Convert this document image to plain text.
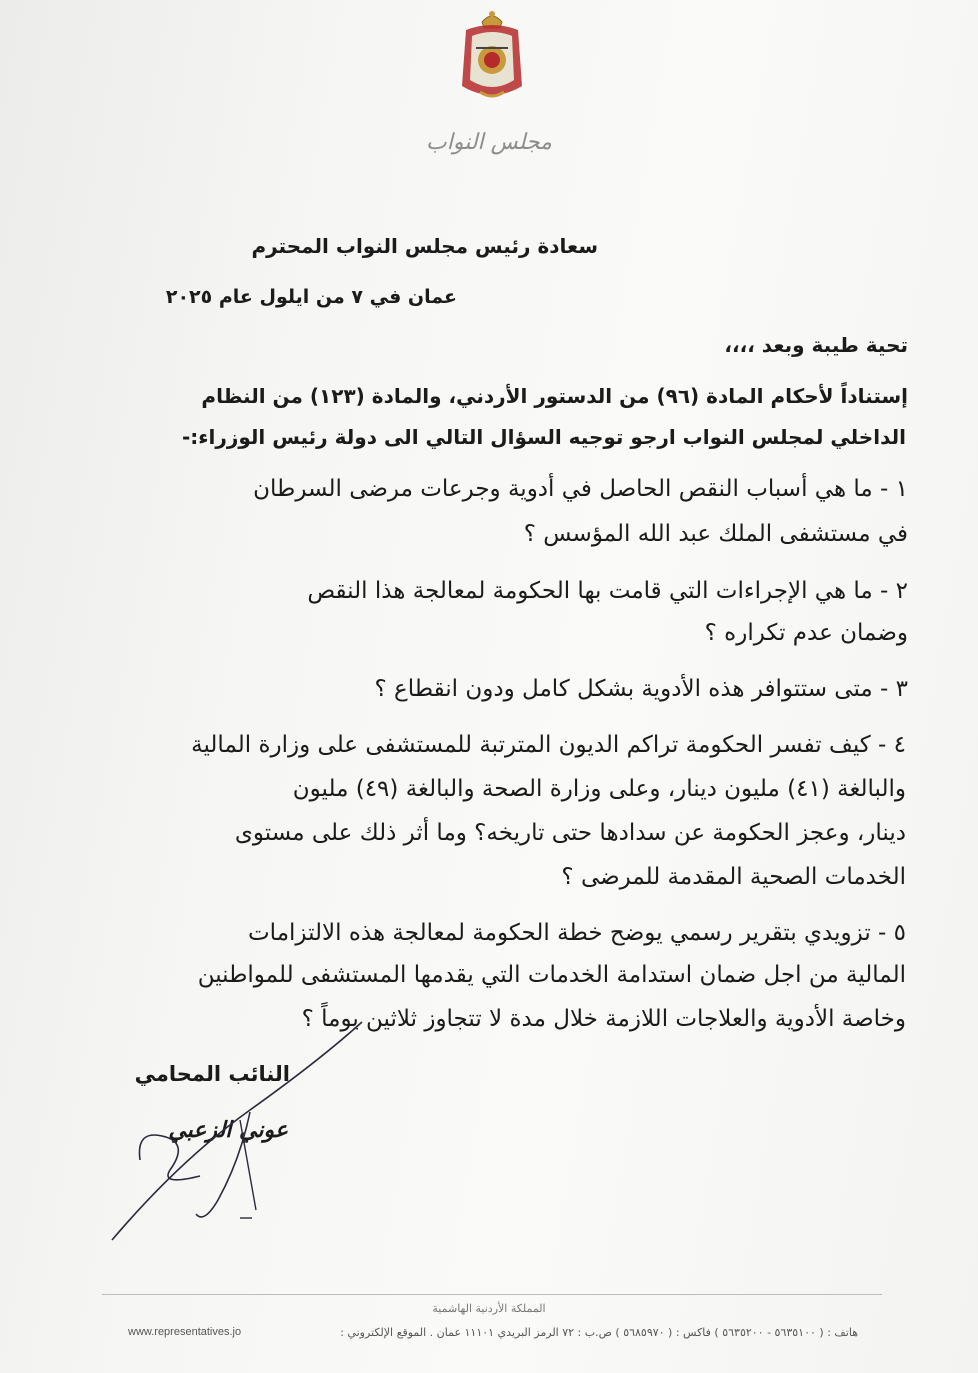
مجلس النواب
سعادة رئيس مجلس النواب المحترم
عمان في ٧ من ايلول عام ٢٠٢٥
تحية طيبة وبعد ،،،،
إستناداً لأحكام المادة (٩٦) من الدستور الأردني، والمادة (١٢٣) من النظام
الداخلي لمجلس النواب ارجو توجيه السؤال التالي الى دولة رئيس الوزراء:-
١ - ما هي أسباب النقص الحاصل في أدوية وجرعات مرضى السرطان
في مستشفى الملك عبد الله المؤسس ؟
٢ - ما هي الإجراءات التي قامت بها الحكومة لمعالجة هذا النقص
وضمان عدم تكراره ؟
٣ - متى ستتوافر هذه الأدوية بشكل كامل ودون انقطاع ؟
٤ - كيف تفسر الحكومة تراكم الديون المترتبة للمستشفى على وزارة المالية
والبالغة (٤١) مليون دينار، وعلى وزارة الصحة والبالغة (٤٩) مليون
دينار، وعجز الحكومة عن سدادها حتى تاريخه؟ وما أثر ذلك على مستوى
الخدمات الصحية المقدمة للمرضى ؟
٥ - تزويدي بتقرير رسمي يوضح خطة الحكومة لمعالجة هذه الالتزامات
المالية من اجل ضمان استدامة الخدمات التي يقدمها المستشفى للمواطنين
وخاصة الأدوية والعلاجات اللازمة خلال مدة لا تتجاوز ثلاثين يوماً ؟
النائب المحامي
عوني الزعبي
المملكة الأردنية الهاشمية
هاتف : ( ٥٦٣٥١٠٠ - ٥٦٣٥٢٠٠ ) فاكس : ( ٥٦٨٥٩٧٠ ) ص.ب : ٧٢ الرمز البريدي ١١١٠١ عمان . الموقع الإلكتروني :
www.representatives.jo
